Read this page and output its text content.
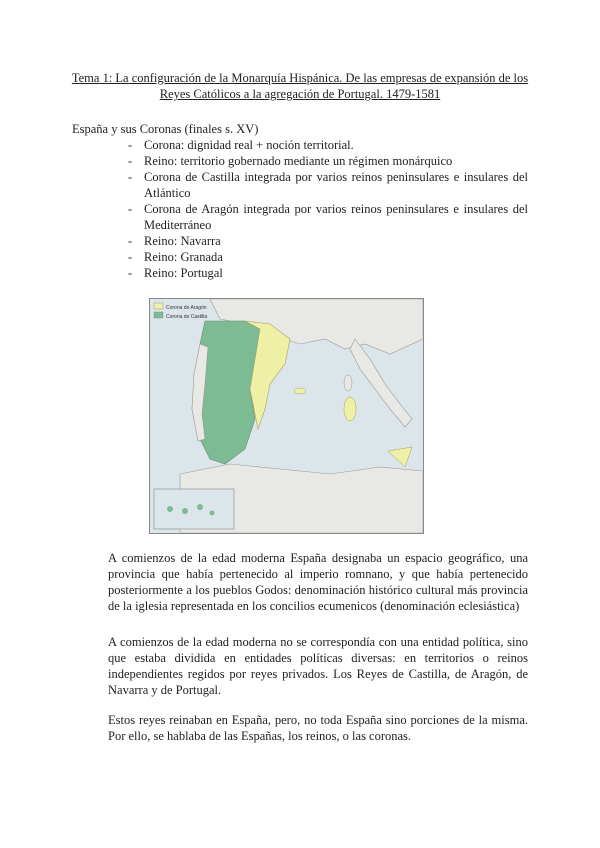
Tema 1: La configuración de la Monarquía Hispánica. De las empresas de expansión de los Reyes Católicos a la agregación de Portugal. 1479-1581
España y sus Coronas (finales s. XV)
- Corona: dignidad real + noción territorial.
- Reino: territorio gobernado mediante un régimen monárquico
- Corona de Castilla integrada por varios reinos peninsulares e insulares del Atlántico
- Corona de Aragón integrada por varios reinos peninsulares e insulares del Mediterráneo
- Reino: Navarra
- Reino: Granada
- Reino: Portugal
Corona de Aragón
Corona de Castilla

A comienzos de la edad moderna España designaba un espacio geográfico, una provincia que había pertenecido al imperio romnano, y que había pertenecido posteriormente a los pueblos Godos: denominación histórico cultural más provincia de la iglesia representada en los concilios ecumenicos (denominación eclesiástica)

A comienzos de la edad moderna no se correspondía con una entidad política, sino que estaba dividida en entidades políticas diversas: en territorios o reinos independientes regidos por reyes privados. Los Reyes de Castilla, de Aragón, de Navarra y de Portugal.

Estos reyes reinaban en España, pero, no toda España sino porciones de la misma. Por ello, se hablaba de las Españas, los reinos, o las coronas.
